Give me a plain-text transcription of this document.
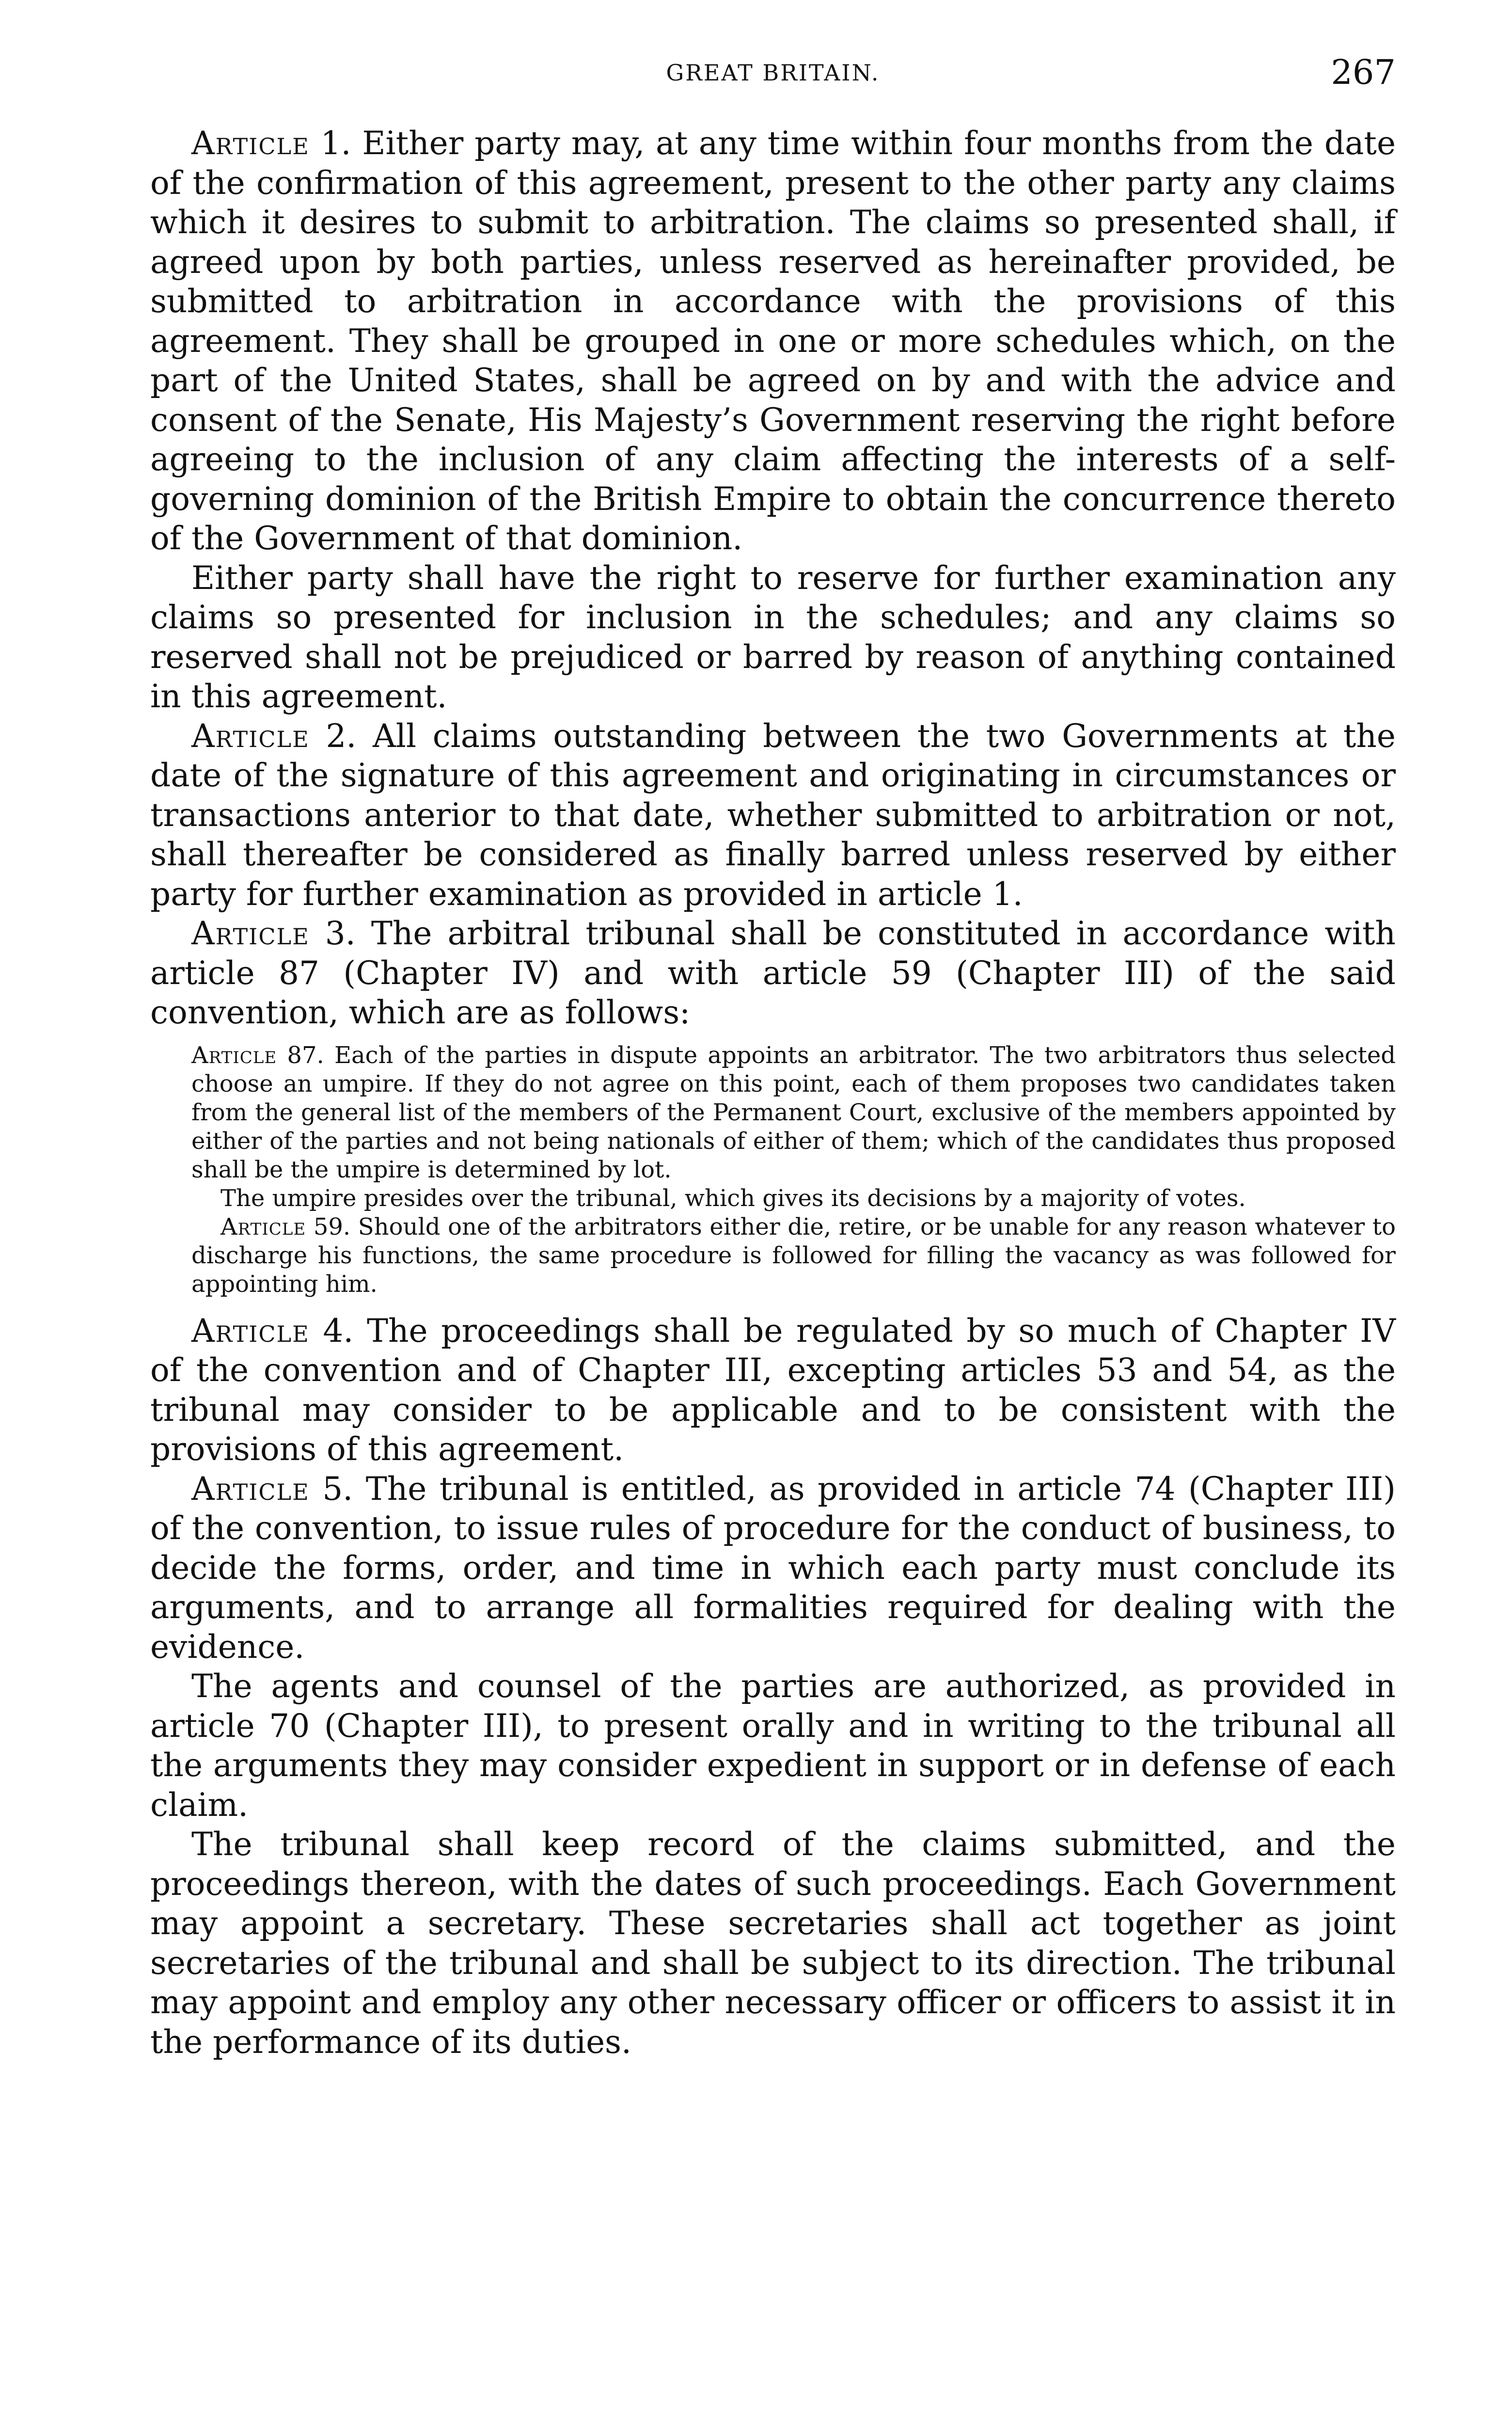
GREAT BRITAIN.	267

Article 1. Either party may, at any time within four months from the date of the confirmation of this agreement, present to the other party any claims which it desires to submit to arbitration. The claims so presented shall, if agreed upon by both parties, unless reserved as hereinafter provided, be submitted to arbitration in accordance with the provisions of this agreement. They shall be grouped in one or more schedules which, on the part of the United States, shall be agreed on by and with the advice and consent of the Senate, His Majesty’s Government reserving the right before agreeing to the inclusion of any claim affecting the interests of a self-governing dominion of the British Empire to obtain the concurrence thereto of the Government of that dominion.

Either party shall have the right to reserve for further examination any claims so presented for inclusion in the schedules; and any claims so reserved shall not be prejudiced or barred by reason of anything contained in this agreement.

Article 2. All claims outstanding between the two Governments at the date of the signature of this agreement and originating in circumstances or transactions anterior to that date, whether submitted to arbitration or not, shall thereafter be considered as finally barred unless reserved by either party for further examination as provided in article 1.

Article 3. The arbitral tribunal shall be constituted in accordance with article 87 (Chapter IV) and with article 59 (Chapter III) of the said convention, which are as follows:

Article 87. Each of the parties in dispute appoints an arbitrator. The two arbitrators thus selected choose an umpire. If they do not agree on this point, each of them proposes two candidates taken from the general list of the members of the Permanent Court, exclusive of the members appointed by either of the parties and not being nationals of either of them; which of the candidates thus proposed shall be the umpire is determined by lot.

The umpire presides over the tribunal, which gives its decisions by a majority of votes.

Article 59. Should one of the arbitrators either die, retire, or be unable for any reason whatever to discharge his functions, the same procedure is followed for filling the vacancy as was followed for appointing him.

Article 4. The proceedings shall be regulated by so much of Chapter IV of the convention and of Chapter III, excepting articles 53 and 54, as the tribunal may consider to be applicable and to be consistent with the provisions of this agreement.

Article 5. The tribunal is entitled, as provided in article 74 (Chapter III) of the convention, to issue rules of procedure for the conduct of business, to decide the forms, order, and time in which each party must conclude its arguments, and to arrange all formalities required for dealing with the evidence.

The agents and counsel of the parties are authorized, as provided in article 70 (Chapter III), to present orally and in writing to the tribunal all the arguments they may consider expedient in support or in defense of each claim.

The tribunal shall keep record of the claims submitted, and the proceedings thereon, with the dates of such proceedings. Each Government may appoint a secretary. These secretaries shall act together as joint secretaries of the tribunal and shall be subject to its direction. The tribunal may appoint and employ any other necessary officer or officers to assist it in the performance of its duties.
